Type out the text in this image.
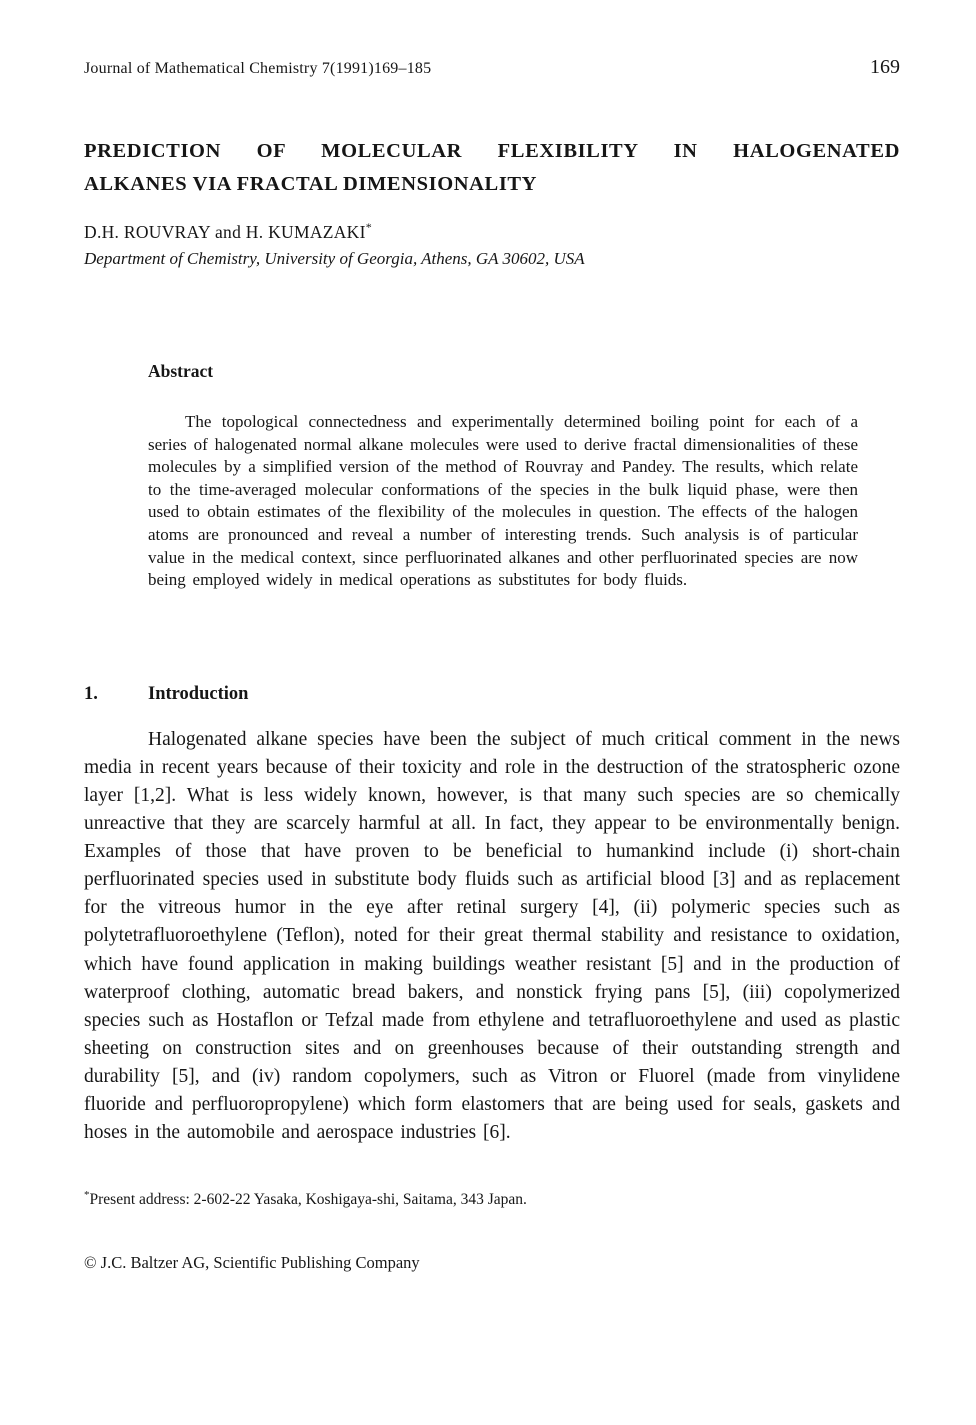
Journal of Mathematical Chemistry 7(1991)169–185	169
PREDICTION OF MOLECULAR FLEXIBILITY IN HALOGENATED
ALKANES VIA FRACTAL DIMENSIONALITY
D.H. ROUVRAY and H. KUMAZAKI*
Department of Chemistry, University of Georgia, Athens, GA 30602, USA
Abstract
The topological connectedness and experimentally determined boiling point for each of a series of halogenated normal alkane molecules were used to derive fractal dimensionalities of these molecules by a simplified version of the method of Rouvray and Pandey. The results, which relate to the time-averaged molecular conformations of the species in the bulk liquid phase, were then used to obtain estimates of the flexibility of the molecules in question. The effects of the halogen atoms are pronounced and reveal a number of interesting trends. Such analysis is of particular value in the medical context, since perfluorinated alkanes and other perfluorinated species are now being employed widely in medical operations as substitutes for body fluids.
1.	Introduction
Halogenated alkane species have been the subject of much critical comment in the news media in recent years because of their toxicity and role in the destruction of the stratospheric ozone layer [1,2]. What is less widely known, however, is that many such species are so chemically unreactive that they are scarcely harmful at all. In fact, they appear to be environmentally benign. Examples of those that have proven to be beneficial to humankind include (i) short-chain perfluorinated species used in substitute body fluids such as artificial blood [3] and as replacement for the vitreous humor in the eye after retinal surgery [4], (ii) polymeric species such as polytetrafluoroethylene (Teflon), noted for their great thermal stability and resistance to oxidation, which have found application in making buildings weather resistant [5] and in the production of waterproof clothing, automatic bread bakers, and nonstick frying pans [5], (iii) copolymerized species such as Hostaflon or Tefzal made from ethylene and tetrafluoroethylene and used as plastic sheeting on construction sites and on greenhouses because of their outstanding strength and durability [5], and (iv) random copolymers, such as Vitron or Fluorel (made from vinylidene fluoride and perfluoropropylene) which form elastomers that are being used for seals, gaskets and hoses in the automobile and aerospace industries [6].
*Present address: 2-602-22 Yasaka, Koshigaya-shi, Saitama, 343 Japan.
© J.C. Baltzer AG, Scientific Publishing Company
